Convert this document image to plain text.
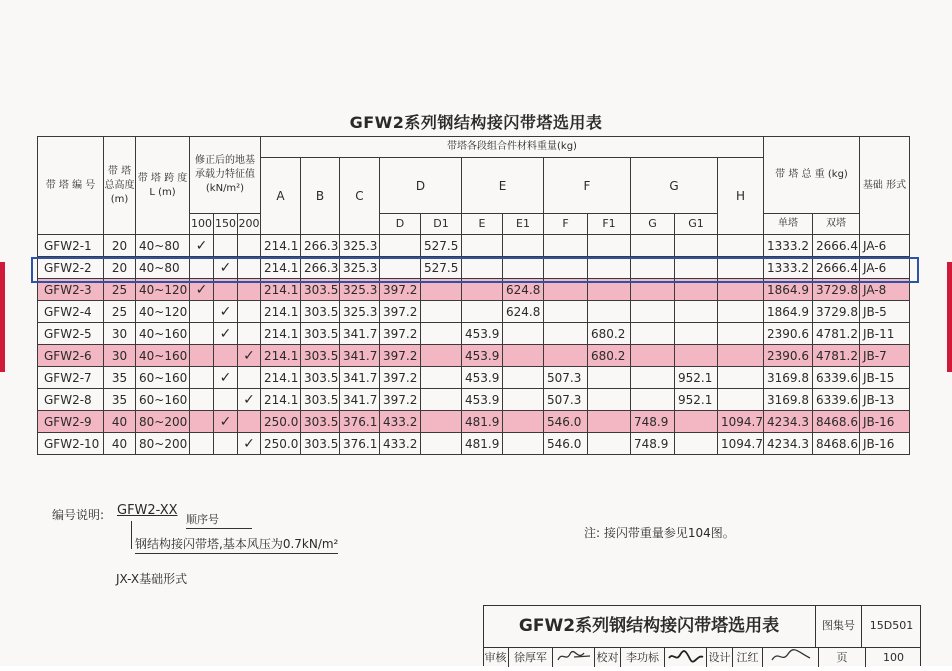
GFW2系列钢结构接闪带塔选用表
带 塔 编 号	带 塔 总高度 (m)	带 塔 跨 度 L (m)	修正后的地基 承载力特征值 (kN/m²)			带塔各段组合件材料重量(kg)												带 塔 总 重 (kg)		基础 形式
						A	B	C	D		E		F		G		H			
			100	150	200				D	D1	E	E1	F	F1	G	G1		单塔	双塔	
GFW2-1	20	40~80	✓			214.1	266.3	325.3		527.5								1333.2	2666.4	JA-6
GFW2-2	20	40~80		✓		214.1	266.3	325.3		527.5								1333.2	2666.4	JA-6
GFW2-3	25	40~120	✓			214.1	303.5	325.3	397.2			624.8						1864.9	3729.8	JA-8
GFW2-4	25	40~120		✓		214.1	303.5	325.3	397.2			624.8						1864.9	3729.8	JB-5
GFW2-5	30	40~160		✓		214.1	303.5	341.7	397.2		453.9			680.2				2390.6	4781.2	JB-11
GFW2-6	30	40~160			✓	214.1	303.5	341.7	397.2		453.9			680.2				2390.6	4781.2	JB-7
GFW2-7	35	60~160		✓		214.1	303.5	341.7	397.2		453.9		507.3			952.1		3169.8	6339.6	JB-15
GFW2-8	35	60~160			✓	214.1	303.5	341.7	397.2		453.9		507.3			952.1		3169.8	6339.6	JB-13
GFW2-9	40	80~200		✓		250.0	303.5	376.1	433.2		481.9		546.0		748.9		1094.7	4234.3	8468.6	JB-16
GFW2-10	40	80~200			✓	250.0	303.5	376.1	433.2		481.9		546.0		748.9		1094.7	4234.3	8468.6	JB-16
编号说明: GFW2-XX
顺序号
钢结构接闪带塔,基本风压为0.7kN/m²
JX-X基础形式
注: 接闪带重量参见104图。
GFW2系列钢结构接闪带塔选用表	图集号	15D501
审核 徐厚军	校对 李功标	设计 江红	页	100
